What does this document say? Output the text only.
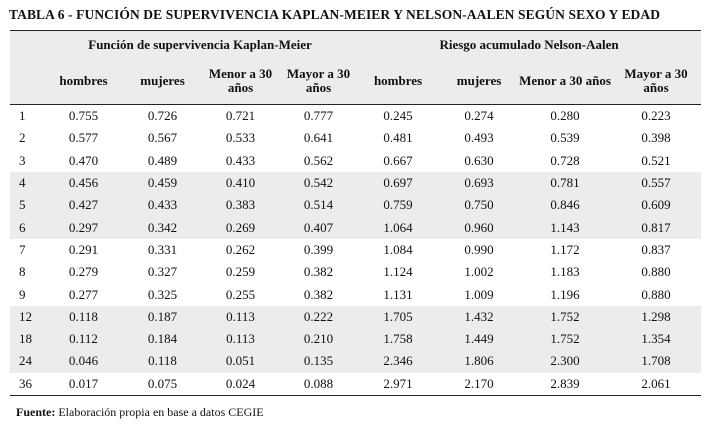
TABLA 6 - FUNCIÓN DE SUPERVIVENCIA KAPLAN-MEIER Y NELSON-AALEN SEGÚN SEXO Y EDAD
	Función de supervivencia Kaplan-Meier				Riesgo acumulado Nelson-Aalen			
	hombres	mujeres	Menor a 30 años	Mayor a 30 años	hombres	mujeres	Menor a 30 años	Mayor a 30 años
1	0.755	0.726	0.721	0.777	0.245	0.274	0.280	0.223
2	0.577	0.567	0.533	0.641	0.481	0.493	0.539	0.398
3	0.470	0.489	0.433	0.562	0.667	0.630	0.728	0.521
4	0.456	0.459	0.410	0.542	0.697	0.693	0.781	0.557
5	0.427	0.433	0.383	0.514	0.759	0.750	0.846	0.609
6	0.297	0.342	0.269	0.407	1.064	0.960	1.143	0.817
7	0.291	0.331	0.262	0.399	1.084	0.990	1.172	0.837
8	0.279	0.327	0.259	0.382	1.124	1.002	1.183	0.880
9	0.277	0.325	0.255	0.382	1.131	1.009	1.196	0.880
12	0.118	0.187	0.113	0.222	1.705	1.432	1.752	1.298
18	0.112	0.184	0.113	0.210	1.758	1.449	1.752	1.354
24	0.046	0.118	0.051	0.135	2.346	1.806	2.300	1.708
36	0.017	0.075	0.024	0.088	2.971	2.170	2.839	2.061
Fuente: Elaboración propia en base a datos CEGIE
